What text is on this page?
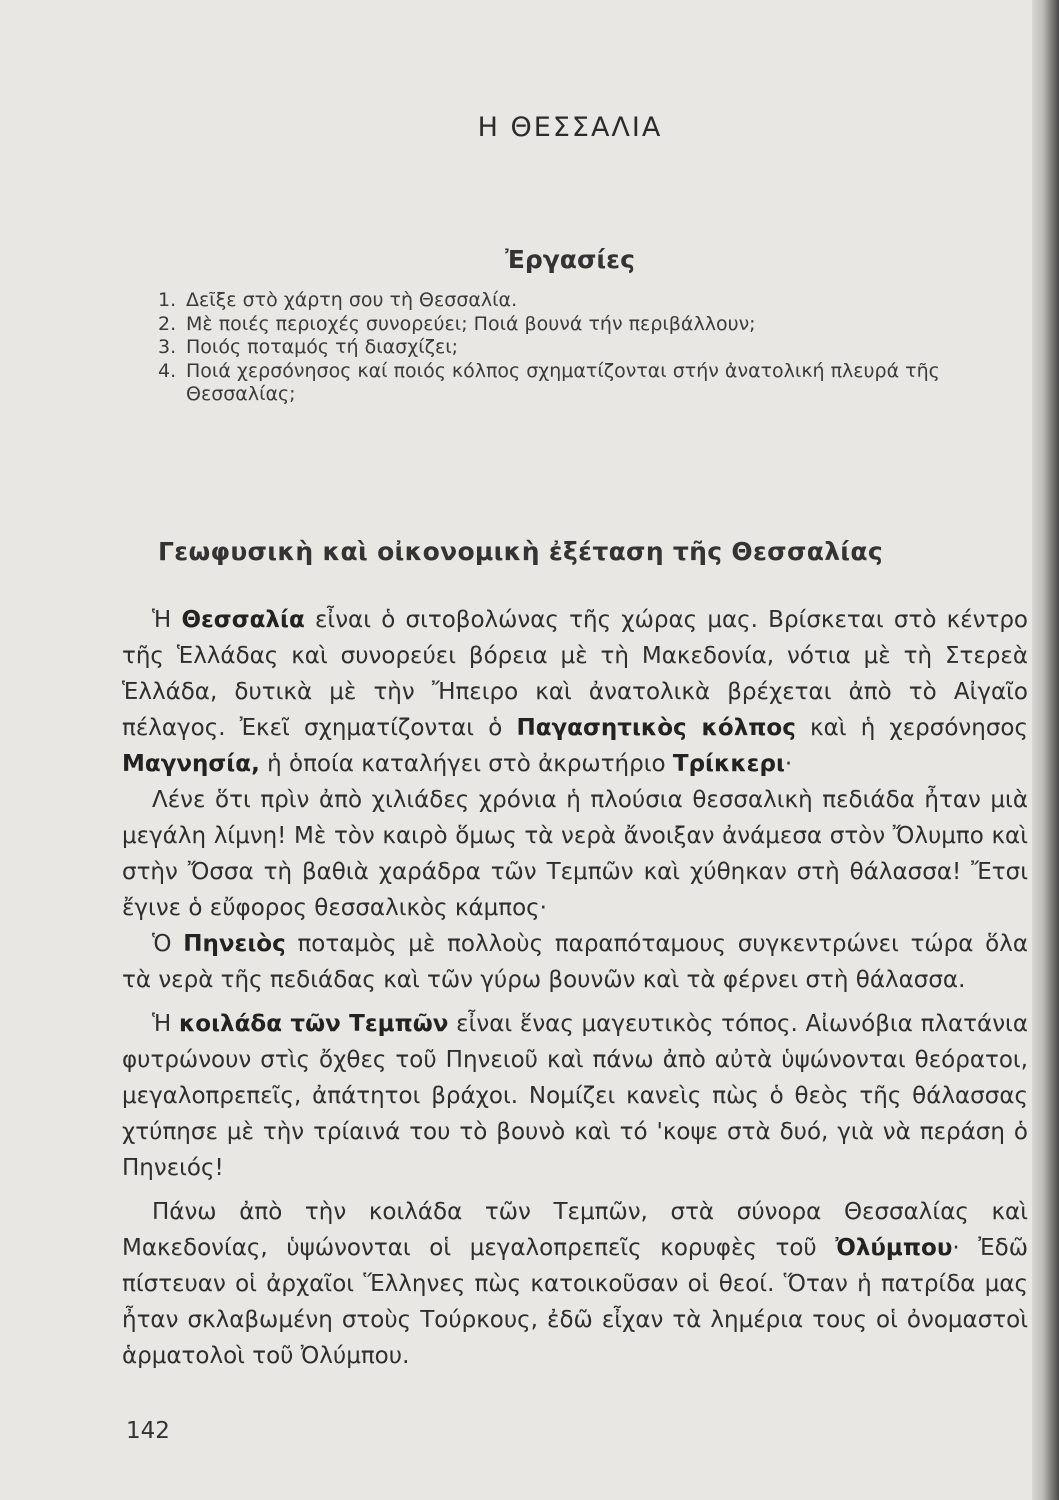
Η ΘΕΣΣΑΛΙΑ
Ἐργασίες
1. Δεῖξε στὸ χάρτη σου τὴ Θεσσαλία.
2. Μὲ ποιές περιοχές συνορεύει; Ποιά βουνά τήν περιβάλλουν;
3. Ποιός ποταμός τή διασχίζει;
4. Ποιά χερσόνησος καί ποιός κόλπος σχηματίζονται στήν ἀνατολική πλευρά τῆς Θεσσαλίας;
Γεωφυσικὴ καὶ οἰκονομικὴ ἐξέταση τῆς Θεσσαλίας

Ἡ Θεσσαλία εἶναι ὁ σιτοβολώνας τῆς χώρας μας. Βρίσκεται στὸ κέντρο τῆς Ἑλλάδας καὶ συνορεύει βόρεια μὲ τὴ Μακεδονία, νότια μὲ τὴ Στερεὰ Ἑλλάδα, δυτικὰ μὲ τὴν Ἤπειρο καὶ ἀνατολικὰ βρέχεται ἀπὸ τὸ Αἰγαῖο πέλαγος. Ἐκεῖ σχηματίζονται ὁ Παγασητικὸς κόλπος καὶ ἡ χερσόνησος Μαγνησία, ἡ ὁποία καταλήγει στὸ ἀκρωτήριο Τρίκκερι·

Λένε ὅτι πρὶν ἀπὸ χιλιάδες χρόνια ἡ πλούσια θεσσαλικὴ πεδιάδα ἦταν μιὰ μεγάλη λίμνη! Μὲ τὸν καιρὸ ὅμως τὰ νερὰ ἄνοιξαν ἀνάμεσα στὸν Ὄλυμπο καὶ στὴν Ὄσσα τὴ βαθιὰ χαράδρα τῶν Τεμπῶν καὶ χύθηκαν στὴ θάλασσα! Ἔτσι ἔγινε ὁ εὔφορος θεσσαλικὸς κάμπος·

Ὁ Πηνειὸς ποταμὸς μὲ πολλοὺς παραπόταμους συγκεντρώνει τώρα ὅλα τὰ νερὰ τῆς πεδιάδας καὶ τῶν γύρω βουνῶν καὶ τὰ φέρνει στὴ θάλασσα.

Ἡ κοιλάδα τῶν Τεμπῶν εἶναι ἕνας μαγευτικὸς τόπος. Αἰωνόβια πλατάνια φυτρώνουν στὶς ὄχθες τοῦ Πηνειοῦ καὶ πάνω ἀπὸ αὐτὰ ὑψώνονται θεόρατοι, μεγαλοπρεπεῖς, ἀπάτητοι βράχοι. Νομίζει κανεὶς πὼς ὁ θεὸς τῆς θάλασσας χτύπησε μὲ τὴν τρίαινά του τὸ βουνὸ καὶ τό 'κοψε στὰ δυό, γιὰ νὰ περάση ὁ Πηνειός!

Πάνω ἀπὸ τὴν κοιλάδα τῶν Τεμπῶν, στὰ σύνορα Θεσσαλίας καὶ Μακεδονίας, ὑψώνονται οἱ μεγαλοπρεπεῖς κορυφὲς τοῦ Ὀλύμπου· Ἐδῶ πίστευαν οἱ ἀρχαῖοι Ἕλληνες πὼς κατοικοῦσαν οἱ θεοί. Ὅταν ἡ πατρίδα μας ἦταν σκλαβωμένη στοὺς Τούρκους, ἐδῶ εἶχαν τὰ λημέρια τους οἱ ὀνομαστοὶ ἁρματολοὶ τοῦ Ὀλύμπου.

142
